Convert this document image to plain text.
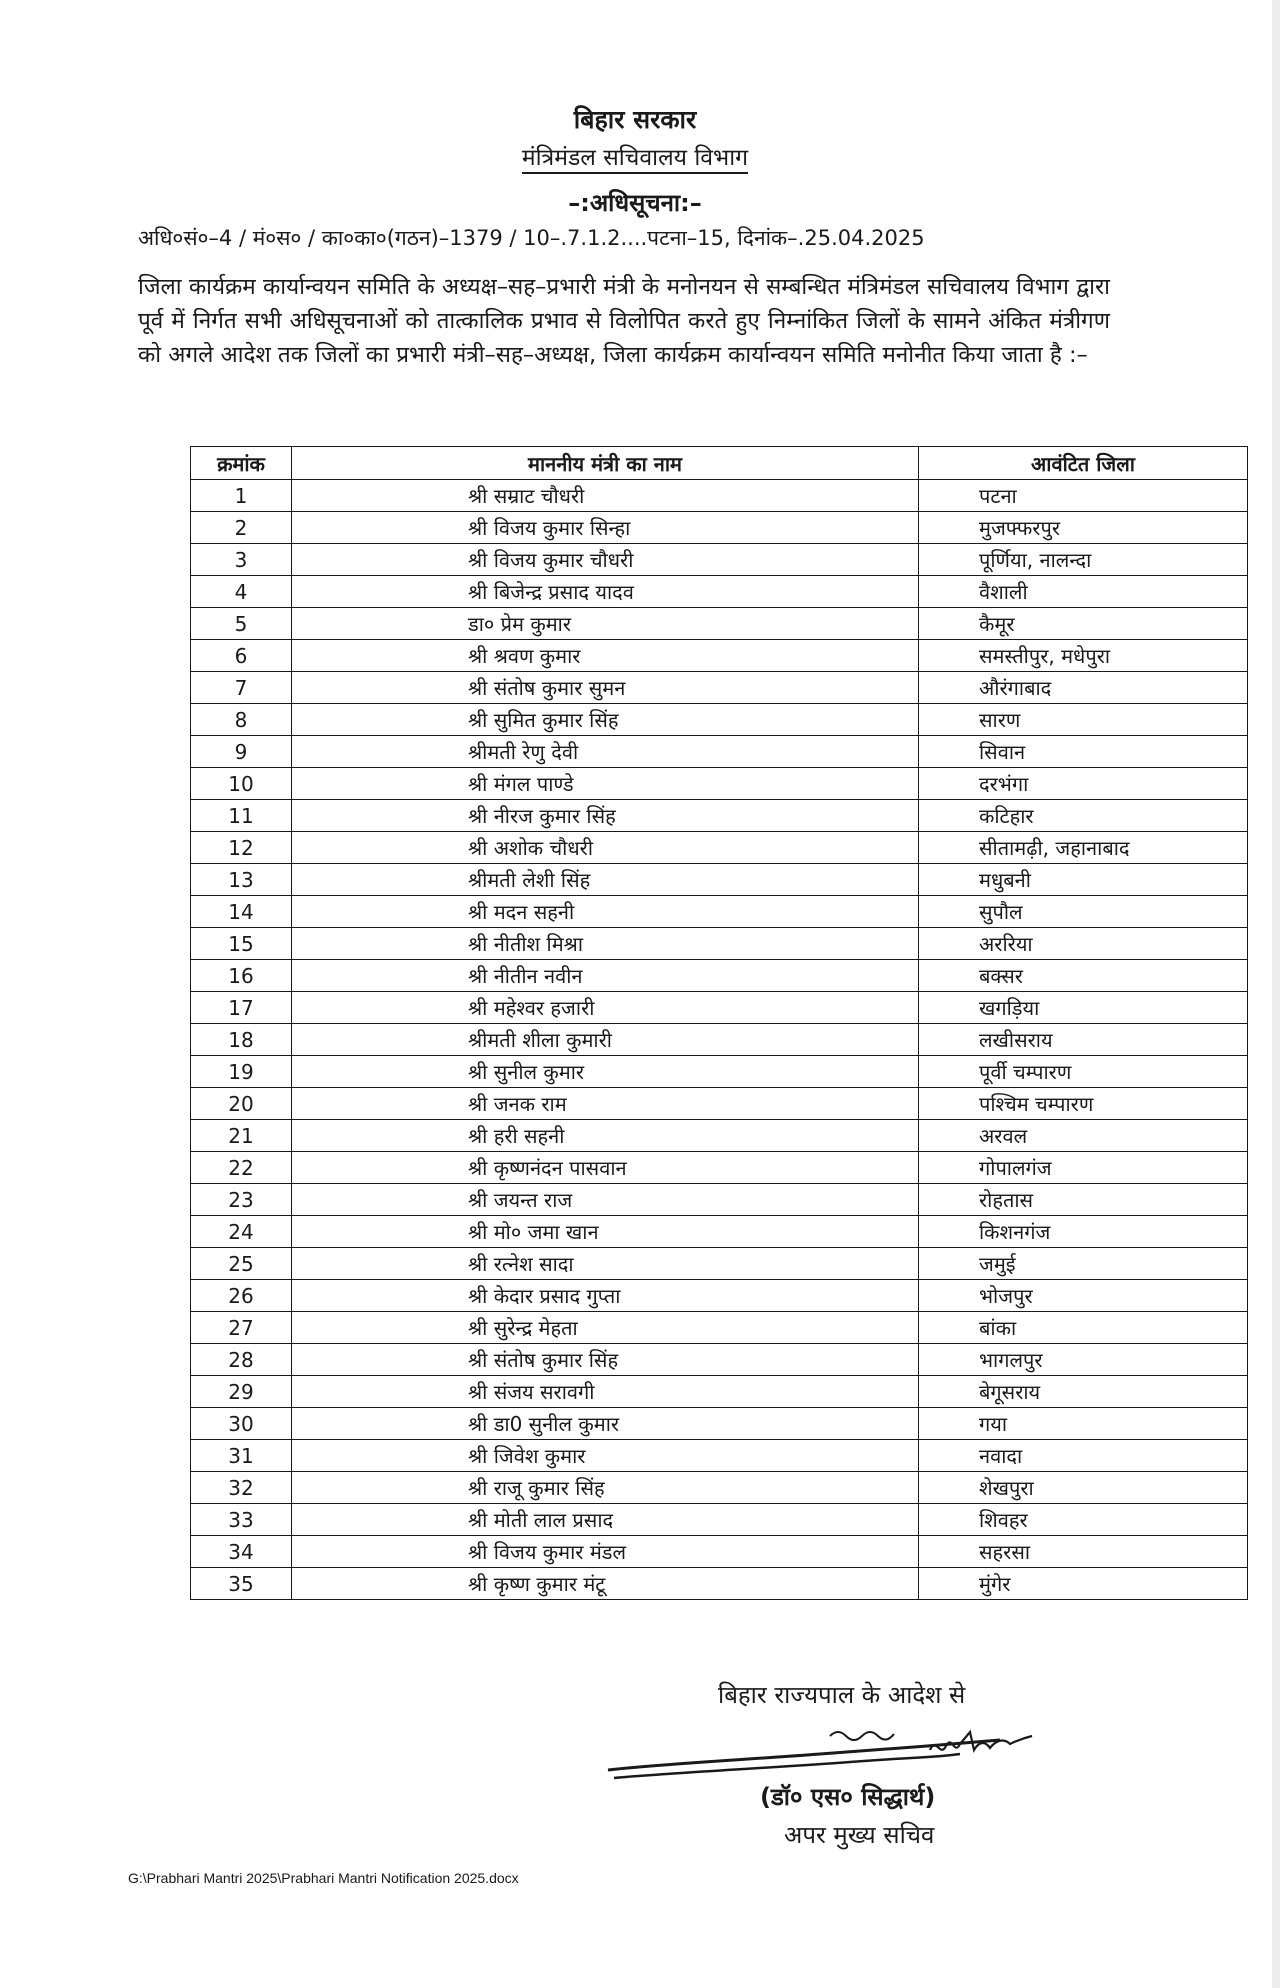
बिहार सरकार
मंत्रिमंडल सचिवालय विभाग
–:अधिसूचना:–
अधि०सं०–4 / मं०स० / का०का०(गठन)–1379 / 10–.7.1.2....पटना–15, दिनांक–.25.04.2025
जिला कार्यक्रम कार्यान्वयन समिति के अध्यक्ष–सह–प्रभारी मंत्री के मनोनयन से सम्बन्धित मंत्रिमंडल सचिवालय विभाग द्वारा पूर्व में निर्गत सभी अधिसूचनाओं को तात्कालिक प्रभाव से विलोपित करते हुए निम्नांकित जिलों के सामने अंकित मंत्रीगण को अगले आदेश तक जिलों का प्रभारी मंत्री–सह–अध्यक्ष, जिला कार्यक्रम कार्यान्वयन समिति मनोनीत किया जाता है :–
क्रमांक	माननीय मंत्री का नाम	आवंटित जिला
1	श्री सम्राट चौधरी	पटना
2	श्री विजय कुमार सिन्हा	मुजफ्फरपुर
3	श्री विजय कुमार चौधरी	पूर्णिया, नालन्दा
4	श्री बिजेन्द्र प्रसाद यादव	वैशाली
5	डा० प्रेम कुमार	कैमूर
6	श्री श्रवण कुमार	समस्तीपुर, मधेपुरा
7	श्री संतोष कुमार सुमन	औरंगाबाद
8	श्री सुमित कुमार सिंह	सारण
9	श्रीमती रेणु देवी	सिवान
10	श्री मंगल पाण्डे	दरभंगा
11	श्री नीरज कुमार सिंह	कटिहार
12	श्री अशोक चौधरी	सीतामढ़ी, जहानाबाद
13	श्रीमती लेशी सिंह	मधुबनी
14	श्री मदन सहनी	सुपौल
15	श्री नीतीश मिश्रा	अररिया
16	श्री नीतीन नवीन	बक्सर
17	श्री महेश्वर हजारी	खगड़िया
18	श्रीमती शीला कुमारी	लखीसराय
19	श्री सुनील कुमार	पूर्वी चम्पारण
20	श्री जनक राम	पश्चिम चम्पारण
21	श्री हरी सहनी	अरवल
22	श्री कृष्णनंदन पासवान	गोपालगंज
23	श्री जयन्त राज	रोहतास
24	श्री मो० जमा खान	किशनगंज
25	श्री रत्नेश सादा	जमुई
26	श्री केदार प्रसाद गुप्ता	भोजपुर
27	श्री सुरेन्द्र मेहता	बांका
28	श्री संतोष कुमार सिंह	भागलपुर
29	श्री संजय सरावगी	बेगूसराय
30	श्री डा0 सुनील कुमार	गया
31	श्री जिवेश कुमार	नवादा
32	श्री राजू कुमार सिंह	शेखपुरा
33	श्री मोती लाल प्रसाद	शिवहर
34	श्री विजय कुमार मंडल	सहरसा
35	श्री कृष्ण कुमार मंटू	मुंगेर
बिहार राज्यपाल के आदेश से
(डॉ० एस० सिद्धार्थ)
अपर मुख्य सचिव
G:\Prabhari Mantri 2025\Prabhari Mantri Notification 2025.docx
